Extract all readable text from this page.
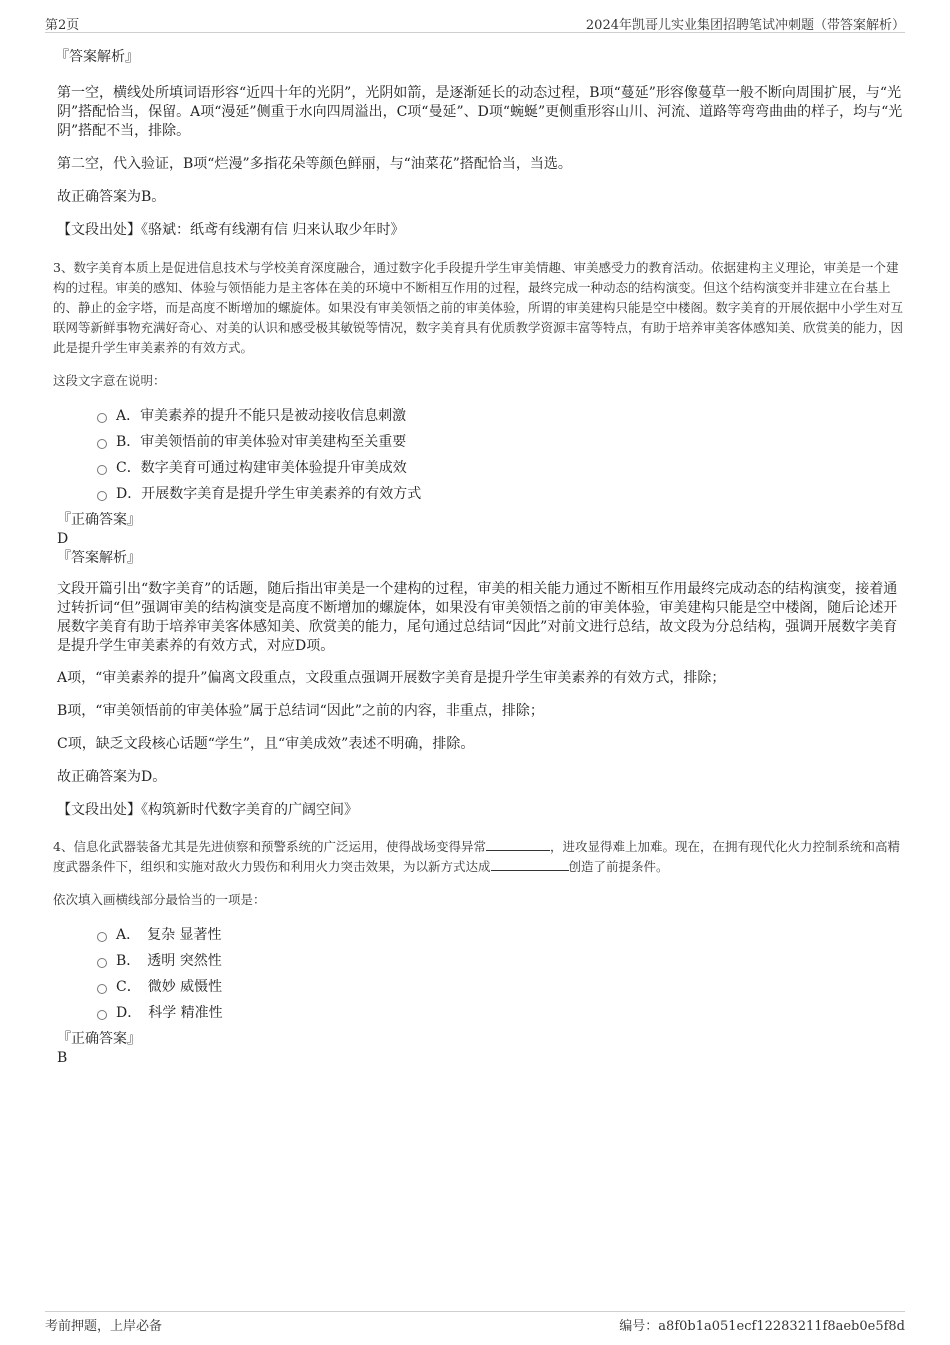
第2页	2024年凯哥儿实业集团招聘笔试冲刺题（带答案解析）

『答案解析』

第一空，横线处所填词语形容“近四十年的光阴”，光阴如箭，是逐渐延长的动态过程，B项“蔓延”形容像蔓草一般不断向周围扩展，与“光阴”搭配恰当，保留。A项“漫延”侧重于水向四周溢出，C项“曼延”、D项“蜿蜒”更侧重形容山川、河流、道路等弯弯曲曲的样子，均与“光阴”搭配不当，排除。

第二空，代入验证，B项“烂漫”多指花朵等颜色鲜丽，与“油菜花”搭配恰当，当选。

故正确答案为B。

【文段出处】《骆斌：纸鸢有线潮有信 归来认取少年时》

3、数字美育本质上是促进信息技术与学校美育深度融合，通过数字化手段提升学生审美情趣、审美感受力的教育活动。依据建构主义理论，审美是一个建构的过程。审美的感知、体验与领悟能力是主客体在美的环境中不断相互作用的过程，最终完成一种动态的结构演变。但这个结构演变并非建立在台基上的、静止的金字塔，而是高度不断增加的螺旋体。如果没有审美领悟之前的审美体验，所谓的审美建构只能是空中楼阁。数字美育的开展依据中小学生对互联网等新鲜事物充满好奇心、对美的认识和感受极其敏锐等情况，数字美育具有优质教学资源丰富等特点，有助于培养审美客体感知美、欣赏美的能力，因此是提升学生审美素养的有效方式。

这段文字意在说明：

A．审美素养的提升不能只是被动接收信息刺激

B．审美领悟前的审美体验对审美建构至关重要

C．数字美育可通过构建审美体验提升审美成效

D．开展数字美育是提升学生审美素养的有效方式

『正确答案』

D

『答案解析』

文段开篇引出“数字美育”的话题，随后指出审美是一个建构的过程，审美的相关能力通过不断相互作用最终完成动态的结构演变，接着通过转折词“但”强调审美的结构演变是高度不断增加的螺旋体，如果没有审美领悟之前的审美体验，审美建构只能是空中楼阁，随后论述开展数字美育有助于培养审美客体感知美、欣赏美的能力，尾句通过总结词“因此”对前文进行总结，故文段为分总结构，强调开展数字美育是提升学生审美素养的有效方式，对应D项。

A项，“审美素养的提升”偏离文段重点，文段重点强调开展数字美育是提升学生审美素养的有效方式，排除；

B项，“审美领悟前的审美体验”属于总结词“因此”之前的内容，非重点，排除；

C项，缺乏文段核心话题“学生”，且“审美成效”表述不明确，排除。

故正确答案为D。

【文段出处】《构筑新时代数字美育的广阔空间》

4、信息化武器装备尤其是先进侦察和预警系统的广泛运用，使得战场变得异常	，进攻显得难上加难。现在，在拥有现代化火力控制系统和高精度武器条件下，组织和实施对敌火力毁伤和利用火力突击效果，为以新方式达成	创造了前提条件。

依次填入画横线部分最恰当的一项是：

A．　复杂 显著性

B．　透明 突然性

C．　微妙 威慑性

D．　科学 精准性

『正确答案』

B

考前押题，上岸必备	编号：a8f0b1a051ecf12283211f8aeb0e5f8d
